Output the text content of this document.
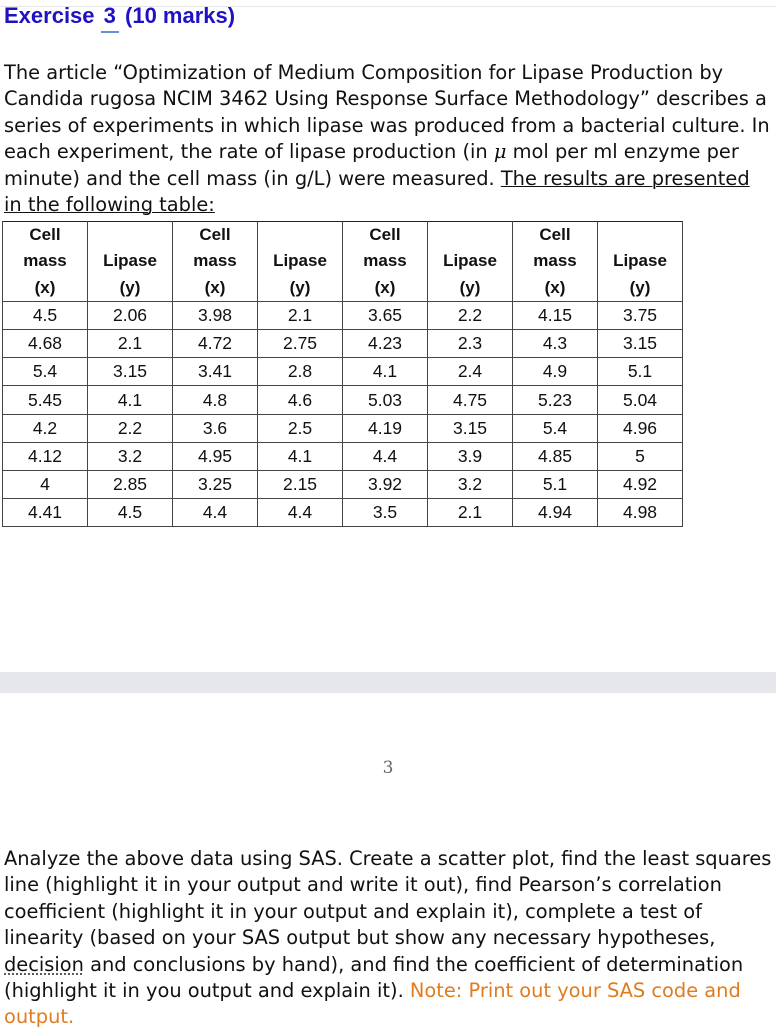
Exercise 3 (10 marks)

The article “Optimization of Medium Composition for Lipase Production by Candida rugosa NCIM 3462 Using Response Surface Methodology” describes a series of experiments in which lipase was produced from a bacterial culture. In each experiment, the rate of lipase production (in μ mol per ml enzyme per minute) and the cell mass (in g/L) were measured. The results are presented in the following table:

Cell		Cell		Cell		Cell	
mass	Lipase	mass	Lipase	mass	Lipase	mass	Lipase
(x)	(y)	(x)	(y)	(x)	(y)	(x)	(y)
4.5	2.06	3.98	2.1	3.65	2.2	4.15	3.75
4.68	2.1	4.72	2.75	4.23	2.3	4.3	3.15
5.4	3.15	3.41	2.8	4.1	2.4	4.9	5.1
5.45	4.1	4.8	4.6	5.03	4.75	5.23	5.04
4.2	2.2	3.6	2.5	4.19	3.15	5.4	4.96
4.12	3.2	4.95	4.1	4.4	3.9	4.85	5
4	2.85	3.25	2.15	3.92	3.2	5.1	4.92
4.41	4.5	4.4	4.4	3.5	2.1	4.94	4.98
3

Analyze the above data using SAS. Create a scatter plot, find the least squares line (highlight it in your output and write it out), find Pearson’s correlation coefficient (highlight it in your output and explain it), complete a test of linearity (based on your SAS output but show any necessary hypotheses, decision and conclusions by hand), and find the coefficient of determination (highlight it in you output and explain it). Note: Print out your SAS code and output.
